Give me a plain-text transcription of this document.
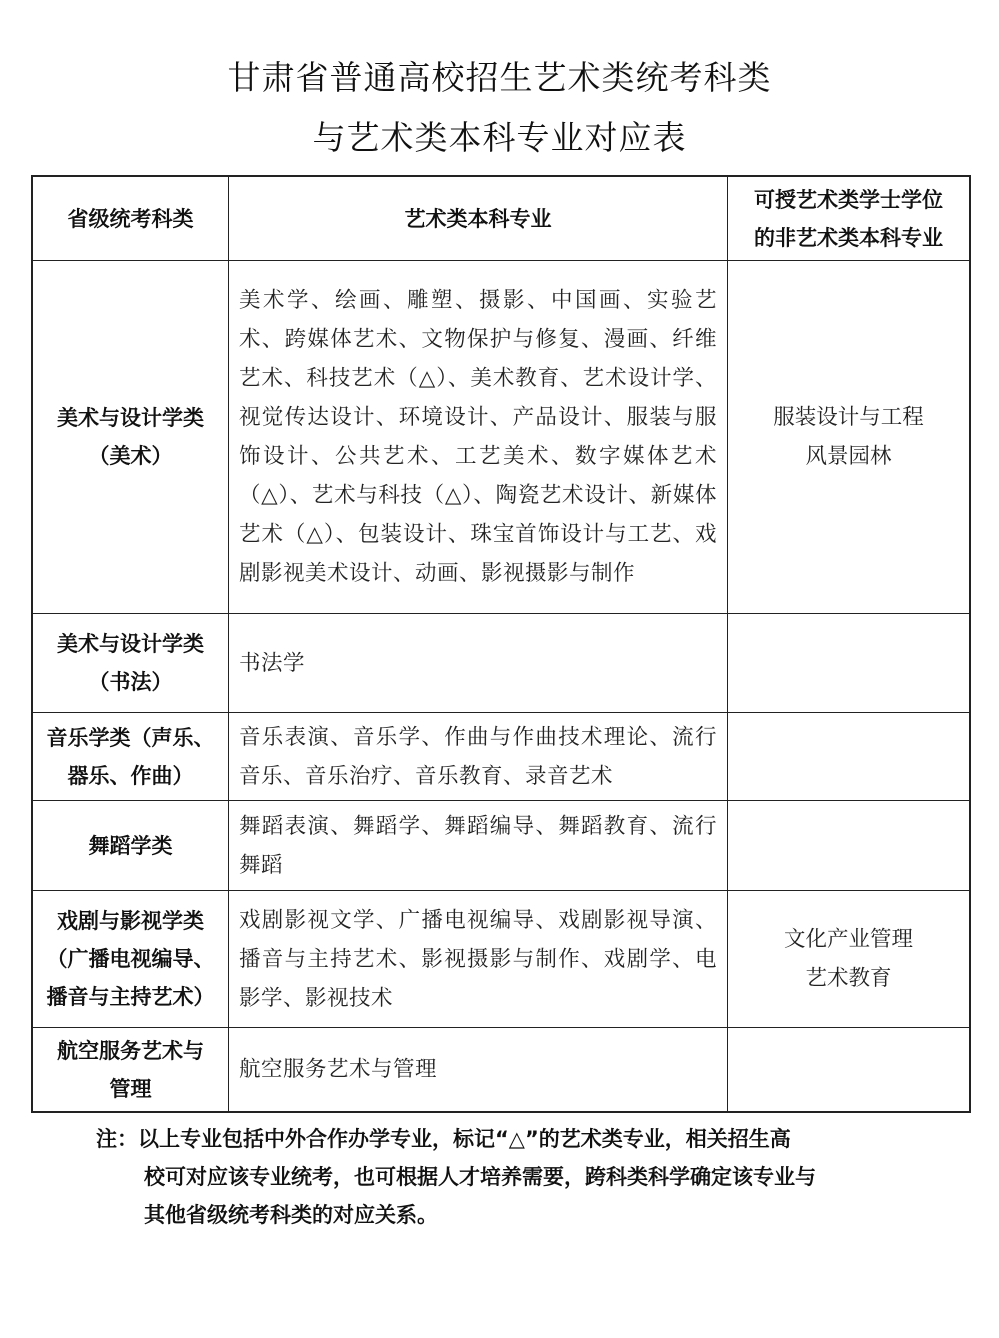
甘肃省普通高校招生艺术类统考科类
与艺术类本科专业对应表
省级统考科类	艺术类本科专业	可授艺术类学士学位
的非艺术类本科专业

美术与设计学类
（美术）	美术学、绘画、雕塑、摄影、中国画、实验艺术、跨媒体艺术、文物保护与修复、漫画、纤维艺术、科技艺术（△）、美术教育、艺术设计学、视觉传达设计、环境设计、产品设计、服装与服饰设计、公共艺术、工艺美术、数字媒体艺术（△）、艺术与科技（△）、陶瓷艺术设计、新媒体艺术（△）、包装设计、珠宝首饰设计与工艺、戏剧影视美术设计、动画、影视摄影与制作	服装设计与工程
风景园林

美术与设计学类
（书法）	书法学	

音乐学类（声乐、
器乐、作曲）	音乐表演、音乐学、作曲与作曲技术理论、流行音乐、音乐治疗、音乐教育、录音艺术	

舞蹈学类	舞蹈表演、舞蹈学、舞蹈编导、舞蹈教育、流行舞蹈	

戏剧与影视学类
（广播电视编导、
播音与主持艺术）	戏剧影视文学、广播电视编导、戏剧影视导演、播音与主持艺术、影视摄影与制作、戏剧学、电影学、影视技术	文化产业管理
艺术教育

航空服务艺术与
管理	航空服务艺术与管理	
注：以上专业包括中外合作办学专业，标记“△”的艺术类专业，相关招生高
校可对应该专业统考，也可根据人才培养需要，跨科类科学确定该专业与
其他省级统考科类的对应关系。
